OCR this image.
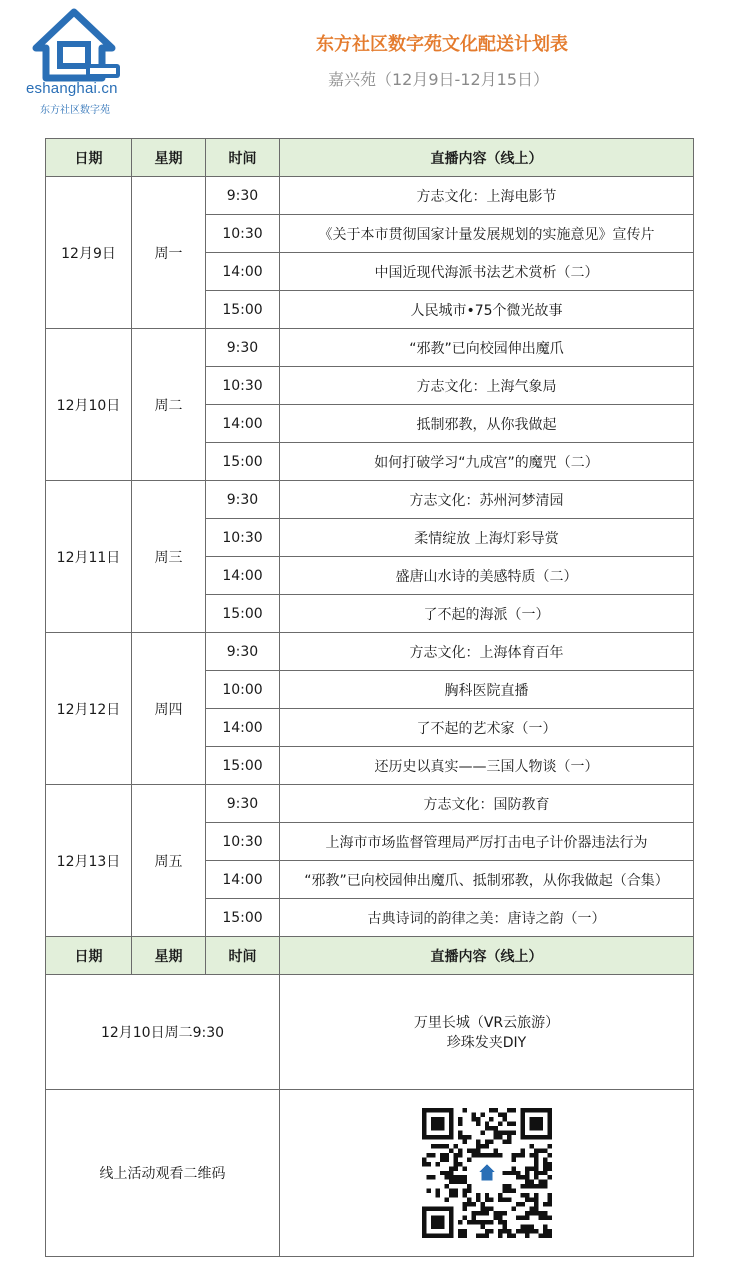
eshanghai.cn
东方社区数字苑
东方社区数字苑文化配送计划表
嘉兴苑（12月9日-12月15日）
日期	星期	时间	直播内容（线上）
12月9日	周一	9:30	方志文化：上海电影节
		10:30	《关于本市贯彻国家计量发展规划的实施意见》宣传片
		14:00	中国近现代海派书法艺术赏析（二）
		15:00	人民城市•75个微光故事
12月10日	周二	9:30	“邪教”已向校园伸出魔爪
		10:30	方志文化：上海气象局
		14:00	抵制邪教，从你我做起
		15:00	如何打破学习“九成宫”的魔咒（二）
12月11日	周三	9:30	方志文化：苏州河梦清园
		10:30	柔情绽放 上海灯彩导赏
		14:00	盛唐山水诗的美感特质（二）
		15:00	了不起的海派（一）
12月12日	周四	9:30	方志文化：上海体育百年
		10:00	胸科医院直播
		14:00	了不起的艺术家（一）
		15:00	还历史以真实——三国人物谈（一）
12月13日	周五	9:30	方志文化：国防教育
		10:30	上海市市场监督管理局严厉打击电子计价器违法行为
		14:00	“邪教”已向校园伸出魔爪、抵制邪教，从你我做起（合集）
		15:00	古典诗词的韵律之美：唐诗之韵（一）
日期	星期	时间	直播内容（线上）
12月10日周二9:30			万里长城（VR云旅游）
珍珠发夹DIY

线上活动观看二维码	
